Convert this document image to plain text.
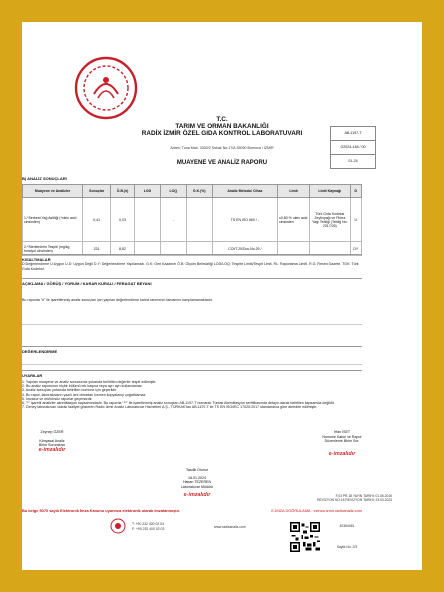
T.C.
TARIM VE ORMAN BAKANLIĞI
RADİX İZMİR ÖZEL GIDA KONTROL LABORATUVARI
Adres: Tuna Mah. 3300/2 Sokak No:17/A 35090 Bornova / İZMİR
MUAYENE VE ANALİZ RAPORU
AB-1197-T
G2024-148 / 00
01-24
B) ANALİZ SONUÇLARI
Muayene ve Analizler	Sonuçlar	Ö.B.(±)	LOD	LOQ	G.K.(%)	Analiz Metodu/ Cihaz	Limit	Limit Kaynağı	D
1-*Serbest Yağ Asitliği (*oleic acid cinsinden)	0,41	0,03		-		TS EN ISO 660 / -	≤0,80 % oleic acid cinsinden	Türk Gıda Kodeksi Zeytinyağı ve Pirina Yağı Tebliği (Tebliğ No: 2017/26)	U
2-*Sterilenlerin Tespiti (mg/kg fonsiyol cinsinden)	231	8,82				COI/T.20/Doc.No.29 /			DY
KISALTMALAR
D:Değerlendirme U:Uygun U.D: Uygun Değil D.Y: Değerlendirme Yapılamadı. G.K: Geri Kazanım Ö.B: Ölçüm Belirsizliği LOD/LOQ: Tespite Limiti/Tespit Limit. RL: Raporlama Limiti. R.G: Resmi Gazete. TGK: Türk Gıda Kodeksi.
AÇIKLAMA / GÖRÜŞ / YORUM / KARAR KURALI / FERAGAT BEYANI
Bu raporda "#" ile işaretlenmiş analiz sonuçları için yapılan değerlendirme kalınlı tanımının tamamını karşılamamaktadır.
DEĞERLENDİRME
UYARILAR
1. Yapılan muayene ve analiz sonucunda yukarıda belirtilen değerler tespit edilmiştir.
2. Bu analiz raporunun hiçbir bölümü tek başına veya ayrı ayrı kullanılamaz.
3. Analiz sonuçları yukarıda belirtilen numune için geçerlidir.
4. Bu rapor, laboratuvarın yazılı izni olmadan kısmen kopyalanıp çoğaltılamaz.
5. İmzasız ve mühürsüz raporlar geçersizdir.
6. "*" işaretli analizler akreditasyon kapsamındadır. Bu raporda "**" ile işaretlenmiş analiz sonuçları AB-1197-T numaralı Türkak Akreditasyon sertifikasında detaylı olarak belirtilen kapsamda değildir.
7. Deney laboratuvarı olarak faaliyet gösteren Radix İzmir Analiz Laboratuvar Hizmetleri A.Ş., TÜRKAK'tan AB-1197-T ile TS EN ISO/IEC 17025:2017 standardına göre akredite edilmiştir.
Zeynep ÖZER
Kimyasal Analiz
Birim Sorumlusu
e-imzalıdır
İrfan İSET
Numune Kabul ve Rapor
Düzenleme Birim Sor.
e-imzalıdır
Tasdik Olunur
18.01.2024
Hakan TEZEREN
Laboratuvar Müdürü
e-imzalıdır	F.03 PR.18 YAYIN TARİHİ: 01.06.2016
REVİZYON NO:18 REVİZYON TARİHİ: 23.03.2023
Bu belge 5070 sayılı Elektronik İmza Kanunu uyarınca elektronik olarak imzalanmıştır.	E-İMZA DOĞRULAMA : ezinza.izmir.radixanaliz.com
T: +90 232 400 02 03
F: +90 232 400 02 03	www.radixanaliz.com	40384061
Sayfa No: 2/3
